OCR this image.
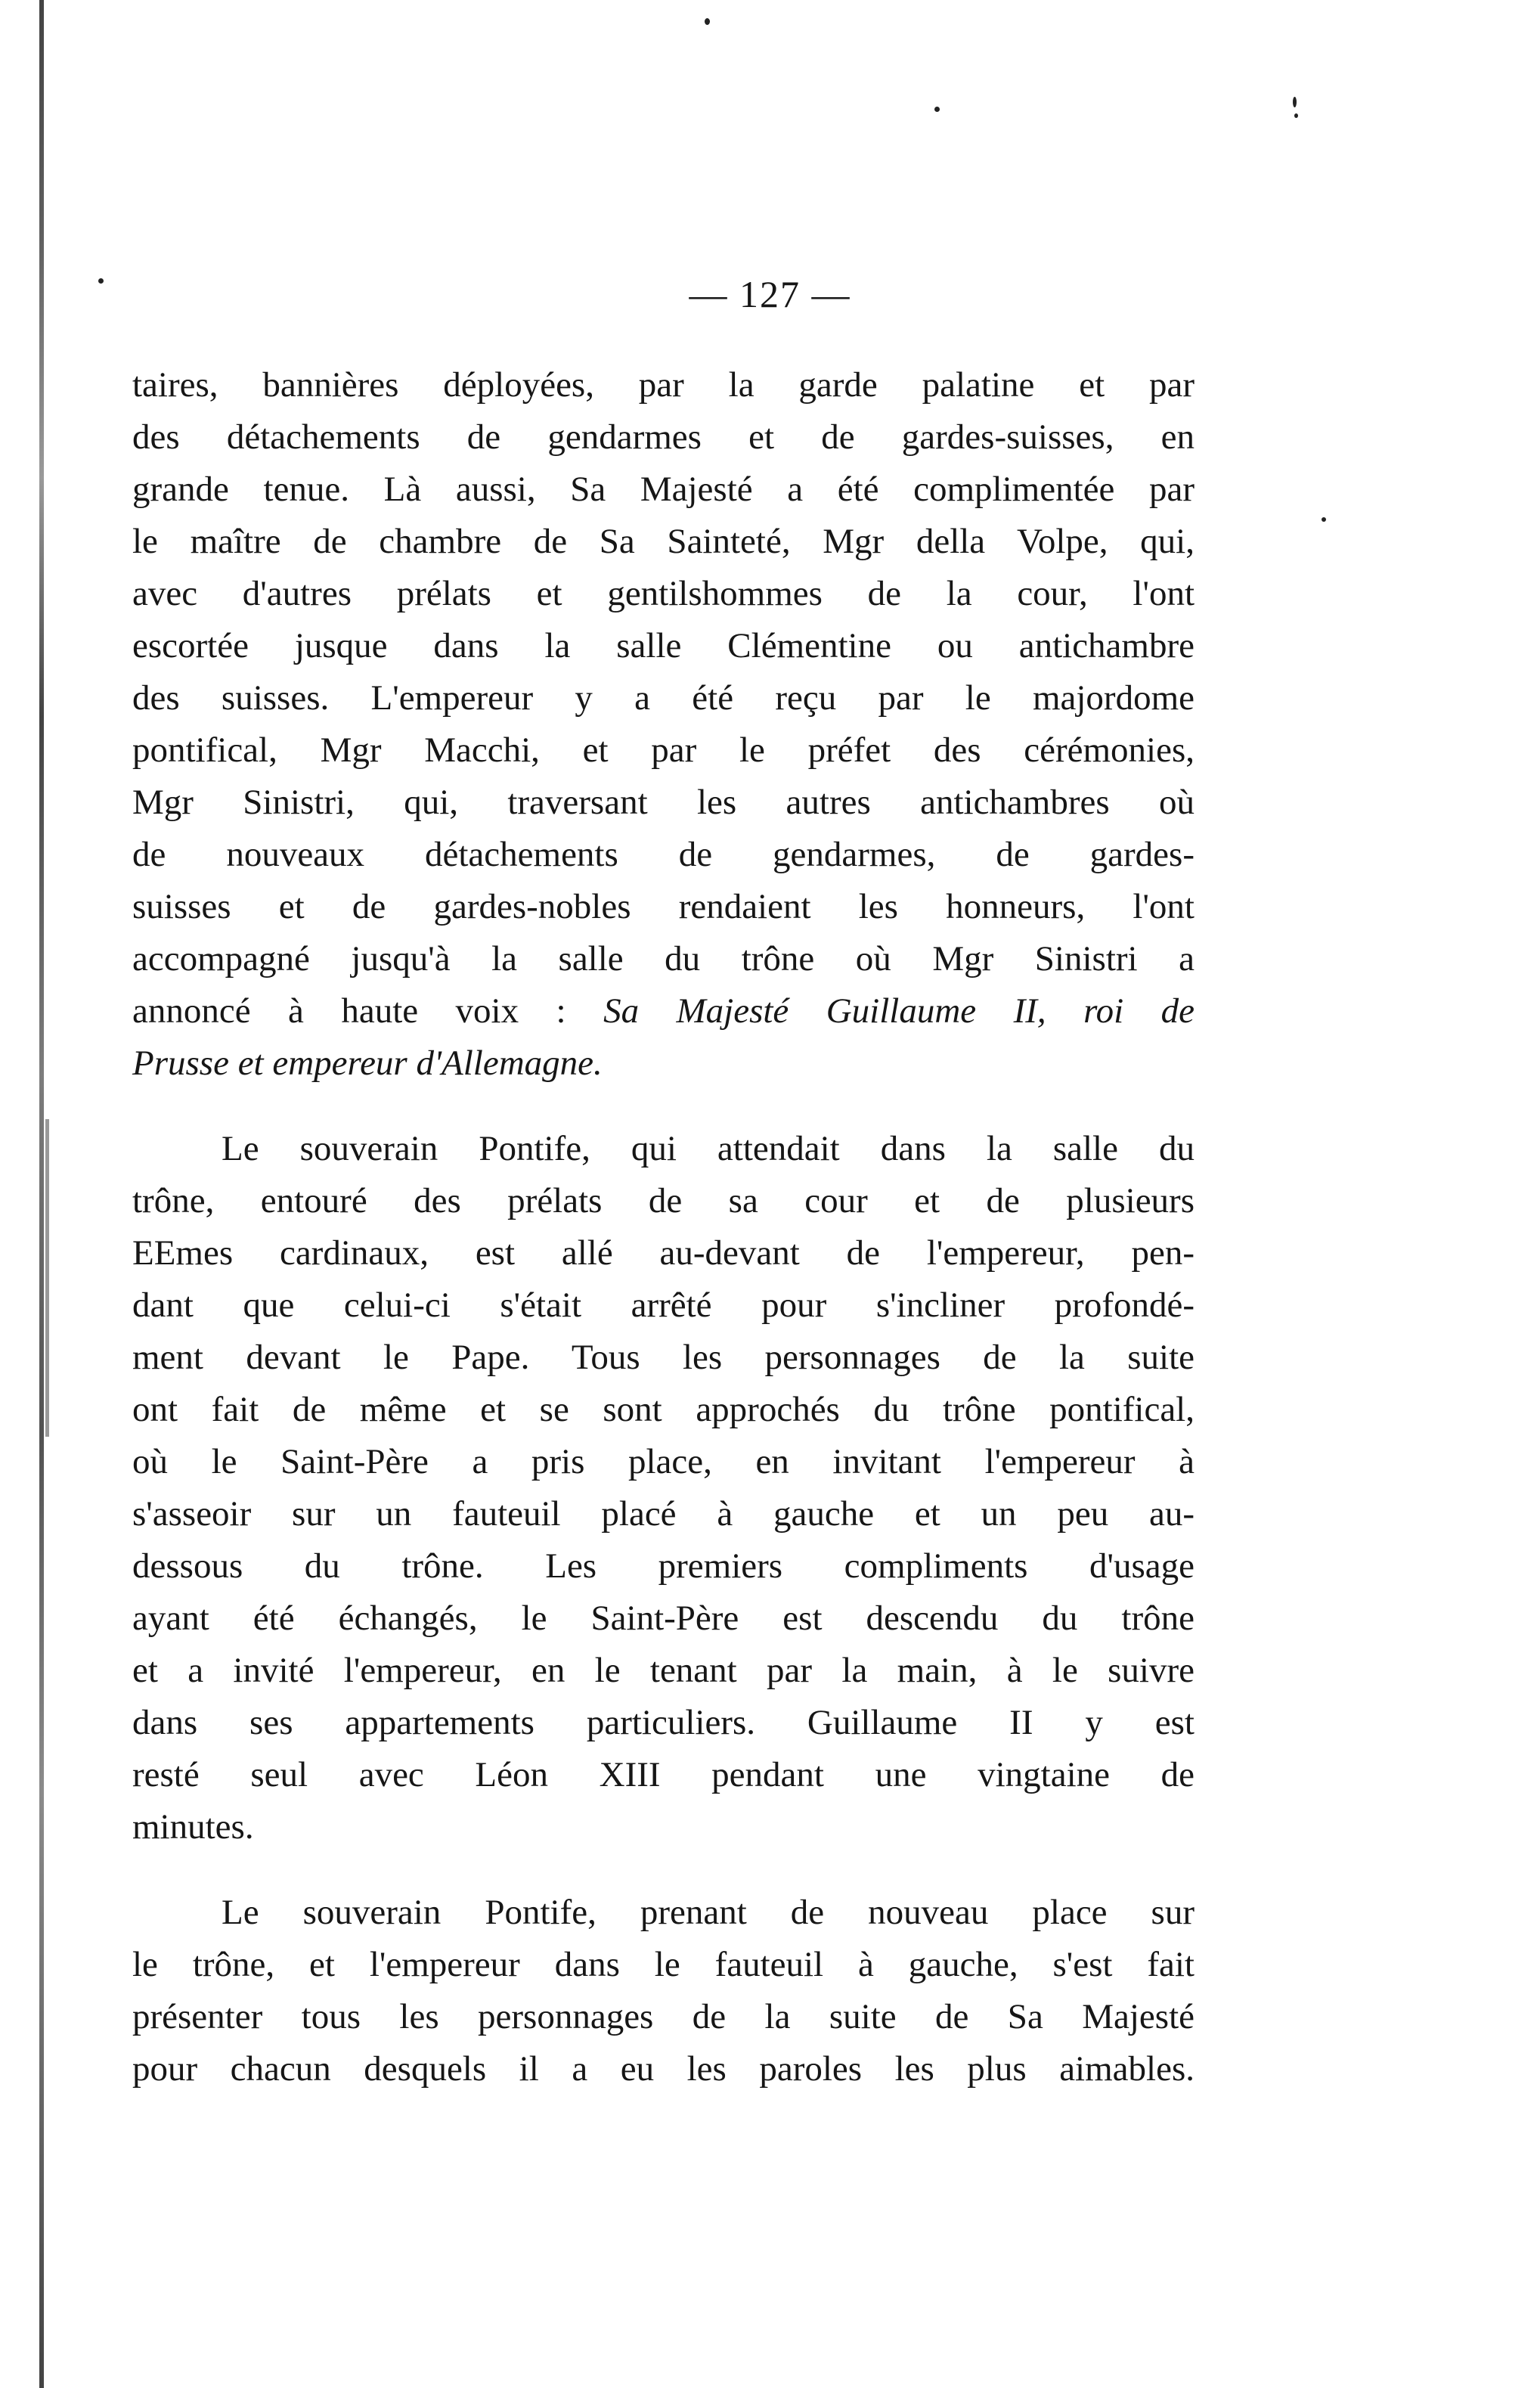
— 127 —
taires, bannières déployées, par la garde palatine et par
des détachements de gendarmes et de gardes-suisses, en
grande tenue. Là aussi, Sa Majesté a été complimentée par
le maître de chambre de Sa Sainteté, Mgr della Volpe, qui,
avec d'autres prélats et gentilshommes de la cour, l'ont
escortée jusque dans la salle Clémentine ou antichambre
des suisses. L'empereur y a été reçu par le majordome
pontifical, Mgr Macchi, et par le préfet des cérémonies,
Mgr Sinistri, qui, traversant les autres antichambres où
de nouveaux détachements de gendarmes, de gardes-
suisses et de gardes-nobles rendaient les honneurs, l'ont
accompagné jusqu'à la salle du trône où Mgr Sinistri a
annoncé à haute voix : Sa Majesté Guillaume II, roi de
Prusse et empereur d'Allemagne.
Le souverain Pontife, qui attendait dans la salle du
trône, entouré des prélats de sa cour et de plusieurs
EEmes cardinaux, est allé au-devant de l'empereur, pen-
dant que celui-ci s'était arrêté pour s'incliner profondé-
ment devant le Pape. Tous les personnages de la suite
ont fait de même et se sont approchés du trône pontifical,
où le Saint-Père a pris place, en invitant l'empereur à
s'asseoir sur un fauteuil placé à gauche et un peu au-
dessous du trône. Les premiers compliments d'usage
ayant été échangés, le Saint-Père est descendu du trône
et a invité l'empereur, en le tenant par la main, à le suivre
dans ses appartements particuliers. Guillaume II y est
resté seul avec Léon XIII pendant une vingtaine de
minutes.
Le souverain Pontife, prenant de nouveau place sur
le trône, et l'empereur dans le fauteuil à gauche, s'est fait
présenter tous les personnages de la suite de Sa Majesté
pour chacun desquels il a eu les paroles les plus aimables.
